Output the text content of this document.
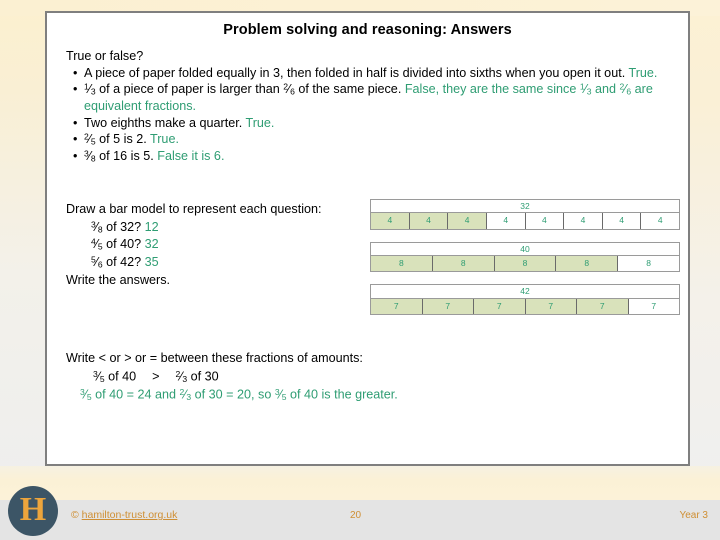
Problem solving and reasoning: Answers
True or false?
• A piece of paper folded equally in 3, then folded in half is divided into sixths when you open it out. True.
• $^1⁄_3$ of a piece of paper is larger than $^2⁄_6$ of the same piece. False, they are the same since $^1⁄_3$ and $^2⁄_6$ are equivalent fractions.
• Two eighths make a quarter. True.
• $^2⁄_5$ of 5 is 2. True.
• $^3⁄_8$ of 16 is 5. False it is 6.
Draw a bar model to represent each question:
$^3⁄_8$ of 32? 12
$^4⁄_5$ of 40? 32
$^5⁄_6$ of 42? 35
Write the answers.
32
4	4	4	4	4	4	4	4
40
8	8	8	8	8
42
7	7	7	7	7	7
Write < or > or = between these fractions of amounts:
$^3⁄_5$ of $40 > ^2⁄_3$ of 30
$^3⁄_5$ of 40 = 24 and $^2⁄_3$ of 30 = 20, so $^3⁄_5$ of 40 is the greater.
H © hamilton-trust.org.uk	20	Year 3
